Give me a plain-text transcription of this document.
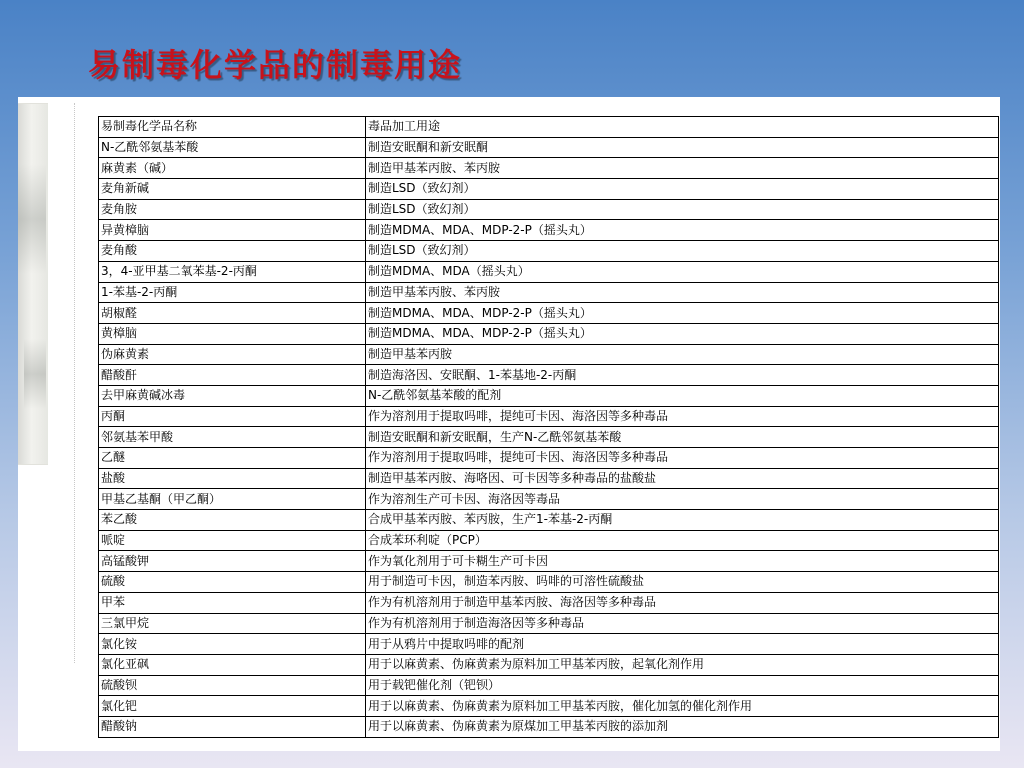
易制毒化学品的制毒用途
易制毒化学品名称	毒品加工用途
N-乙酰邻氨基苯酸	制造安眠酮和新安眠酮
麻黄素（碱）	制造甲基苯丙胺、苯丙胺
麦角新碱	制造LSD（致幻剂）
麦角胺	制造LSD（致幻剂）
异黄樟脑	制造MDMA、MDA、MDP-2-P（摇头丸）
麦角酸	制造LSD（致幻剂）
3，4-亚甲基二氧苯基-2-丙酮	制造MDMA、MDA（摇头丸）
1-苯基-2-丙酮	制造甲基苯丙胺、苯丙胺
胡椒醛	制造MDMA、MDA、MDP-2-P（摇头丸）
黄樟脑	制造MDMA、MDA、MDP-2-P（摇头丸）
伪麻黄素	制造甲基苯丙胺
醋酸酐	制造海洛因、安眠酮、1-苯基地-2-丙酮
去甲麻黄碱冰毒	N-乙酰邻氨基苯酸的配剂
丙酮	作为溶剂用于提取吗啡，提纯可卡因、海洛因等多种毒品
邻氨基苯甲酸	制造安眠酮和新安眠酮，生产N-乙酰邻氨基苯酸
乙醚	作为溶剂用于提取吗啡，提纯可卡因、海洛因等多种毒品
盐酸	制造甲基苯丙胺、海咯因、可卡因等多种毒品的盐酸盐
甲基乙基酮（甲乙酮）	作为溶剂生产可卡因、海洛因等毒品
苯乙酸	合成甲基苯丙胺、苯丙胺，生产1-苯基-2-丙酮
哌啶	合成苯环利啶（PCP）
高锰酸钾	作为氧化剂用于可卡糊生产可卡因
硫酸	用于制造可卡因，制造苯丙胺、吗啡的可溶性硫酸盐
甲苯	作为有机溶剂用于制造甲基苯丙胺、海洛因等多种毒品
三氯甲烷	作为有机溶剂用于制造海洛因等多种毒品
氯化铵	用于从鸦片中提取吗啡的配剂
氯化亚砜	用于以麻黄素、伪麻黄素为原料加工甲基苯丙胺，起氧化剂作用
硫酸钡	用于载钯催化剂（钯钡）
氯化钯	用于以麻黄素、伪麻黄素为原料加工甲基苯丙胺，催化加氢的催化剂作用
醋酸钠	用于以麻黄素、伪麻黄素为原煤加工甲基苯丙胺的添加剂
